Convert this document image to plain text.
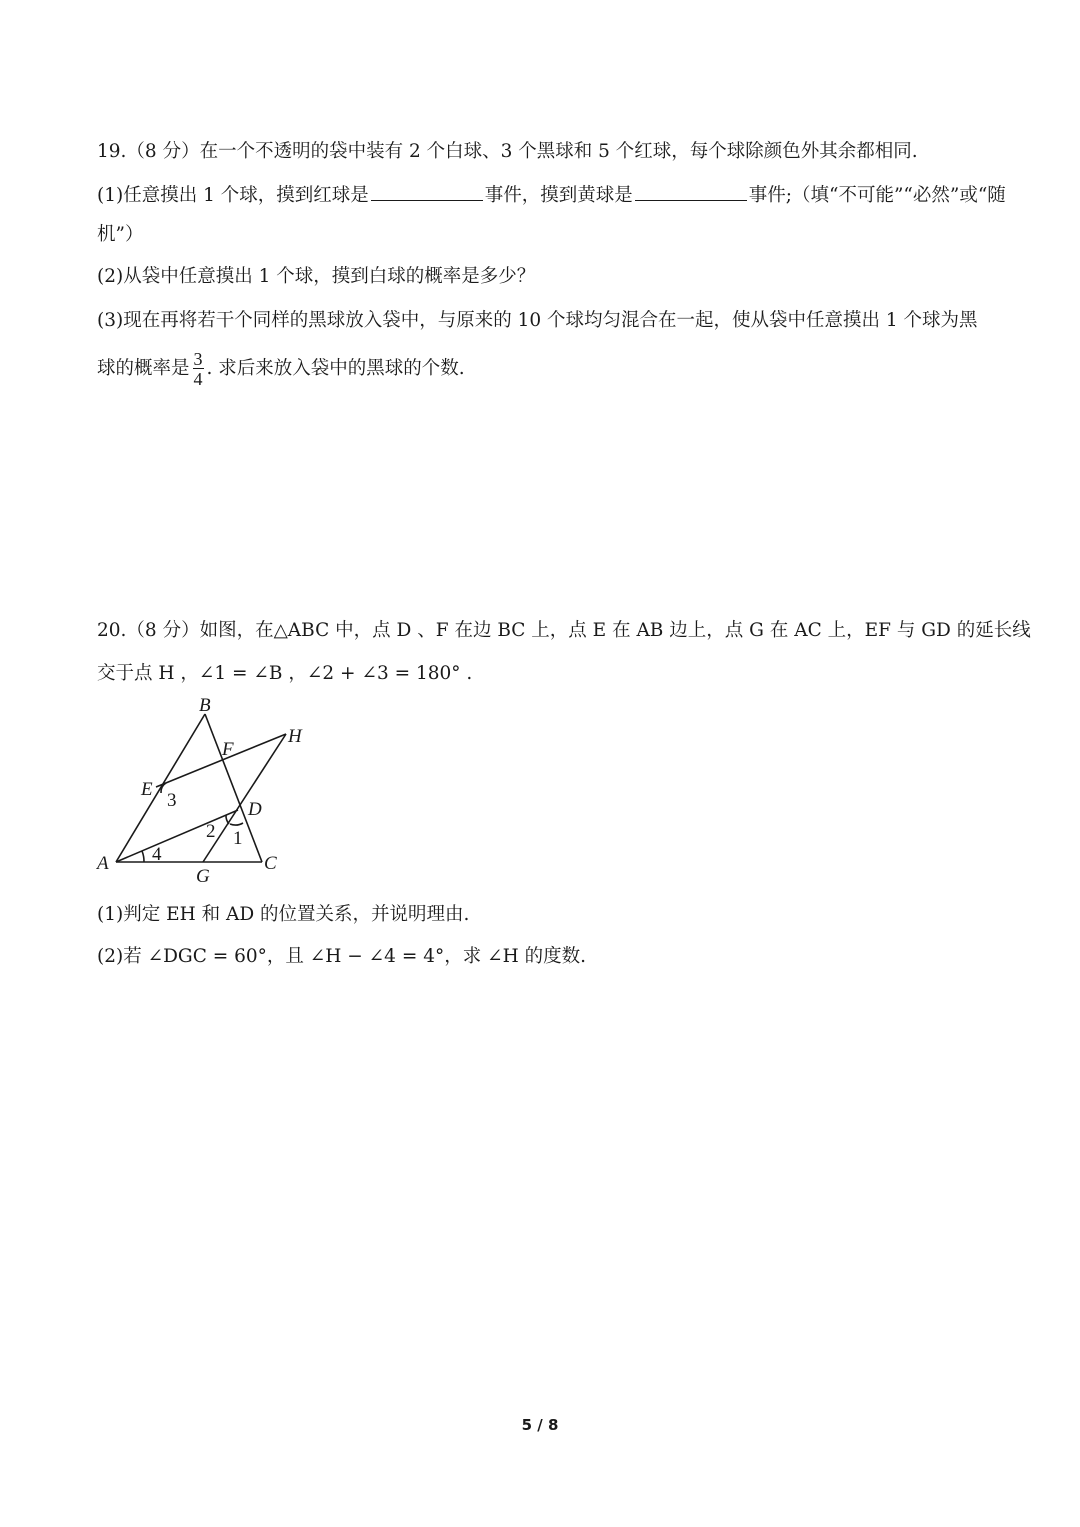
19.（8 分）在一个不透明的袋中装有 2 个白球、3 个黑球和 5 个红球，每个球除颜色外其余都相同.
(1)任意摸出 1 个球，摸到红球是	事件，摸到黄球是	事件;（填“不可能”“必然”或“随
机”）
(2)从袋中任意摸出 1 个球，摸到白球的概率是多少？
(3)现在再将若干个同样的黑球放入袋中，与原来的 10 个球均匀混合在一起，使从袋中任意摸出 1 个球为黑
球的概率是 $\frac{3}{4}$ . 求后来放入袋中的黑球的个数.
20.（8 分）如图，在△ABC 中，点 D 、F 在边 BC 上，点 E 在 AB 边上，点 G 在 AC 上，EF 与 GD 的延长线
交于点 H ，∠1 = ∠B ，∠2 + ∠3 = 180° .
B
F
H
E
D
A
G
C
3
2 1
4
(1)判定 EH 和 AD 的位置关系，并说明理由.
(2)若 ∠DGC = 60°，且 ∠H − ∠4 = 4°，求 ∠H 的度数.
5 / 8
